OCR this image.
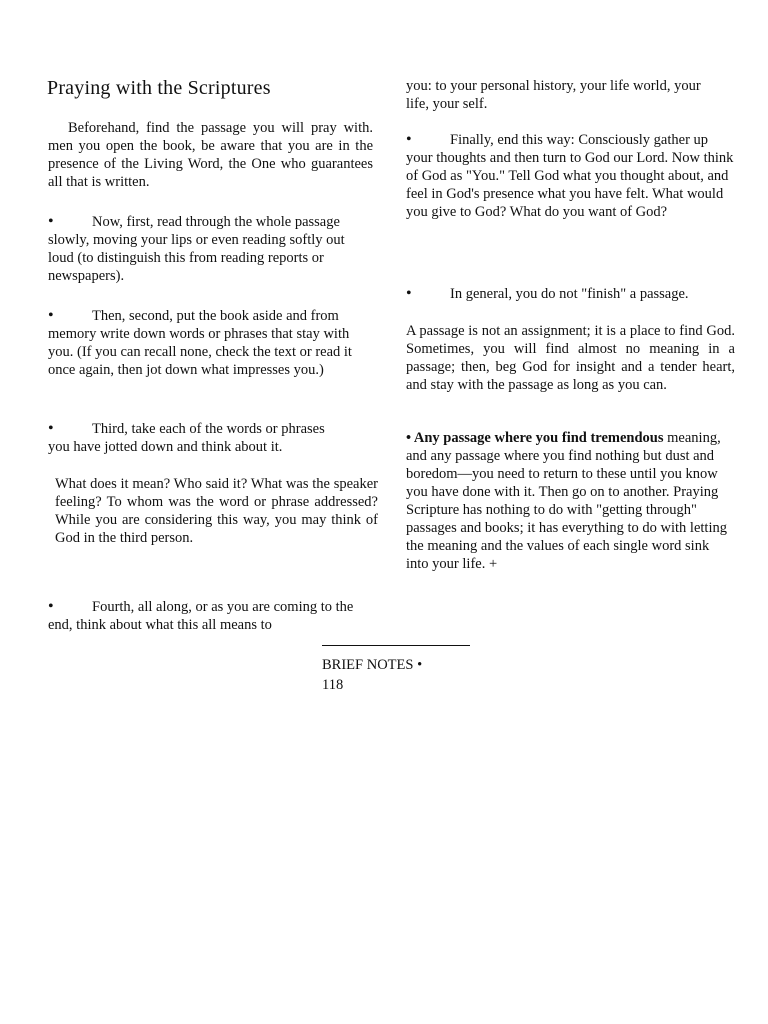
Praying with the Scriptures

Beforehand, find the passage you will pray with. men you open the book, be aware that you are in the presence of the Living Word, the One who guarantees all that is written.

•	Now, first, read through the whole passage slowly, moving your lips or even reading softly out loud (to distinguish this from reading reports or newspapers).

•	Then, second, put the book aside and from memory write down words or phrases that stay with you. (If you can recall none, check the text or read it once again, then jot down what impresses you.)

•	Third, take each of the words or phrases you have jotted down and think about it.

What does it mean? Who said it? What was the speaker feeling? To whom was the word or phrase addressed? While you are considering this way, you may think of God in the third person.

•	Fourth, all along, or as you are coming to the end, think about what this all means to

you: to your personal history, your life world, your life, your self.

•	Finally, end this way: Consciously gather up your thoughts and then turn to God our Lord. Now think of God as "You." Tell God what you thought about, and feel in God's presence what you have felt. What would you give to God? What do you want of God?

•	In general, you do not "finish" a passage.

A passage is not an assignment; it is a place to find God. Sometimes, you will find almost no meaning in a passage; then, beg God for insight and a tender heart, and stay with the passage as long as you can.

• Any passage where you find tremendous meaning, and any passage where you find nothing but dust and boredom—you need to return to these until you know you have done with it. Then go on to another. Praying Scripture has nothing to do with "getting through" passages and books; it has everything to do with letting the meaning and the values of each single word sink into your life. +

BRIEF NOTES •
118
